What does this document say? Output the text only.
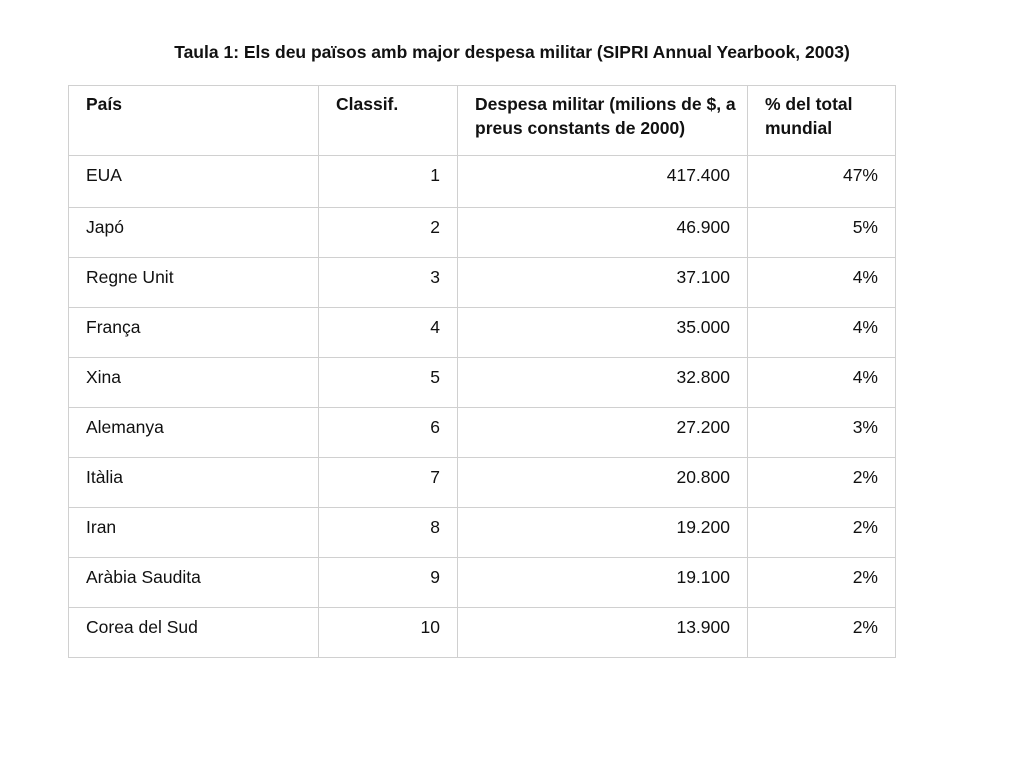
Taula 1: Els deu països amb major despesa militar (SIPRI Annual Yearbook, 2003)
País	Classif.	Despesa militar (milions de $, a preus constants de 2000)	% del total mundial
EUA	1	417.400	47%
Japó	2	46.900	5%
Regne Unit	3	37.100	4%
França	4	35.000	4%
Xina	5	32.800	4%
Alemanya	6	27.200	3%
Itàlia	7	20.800	2%
Iran	8	19.200	2%
Aràbia Saudita	9	19.100	2%
Corea del Sud	10	13.900	2%
